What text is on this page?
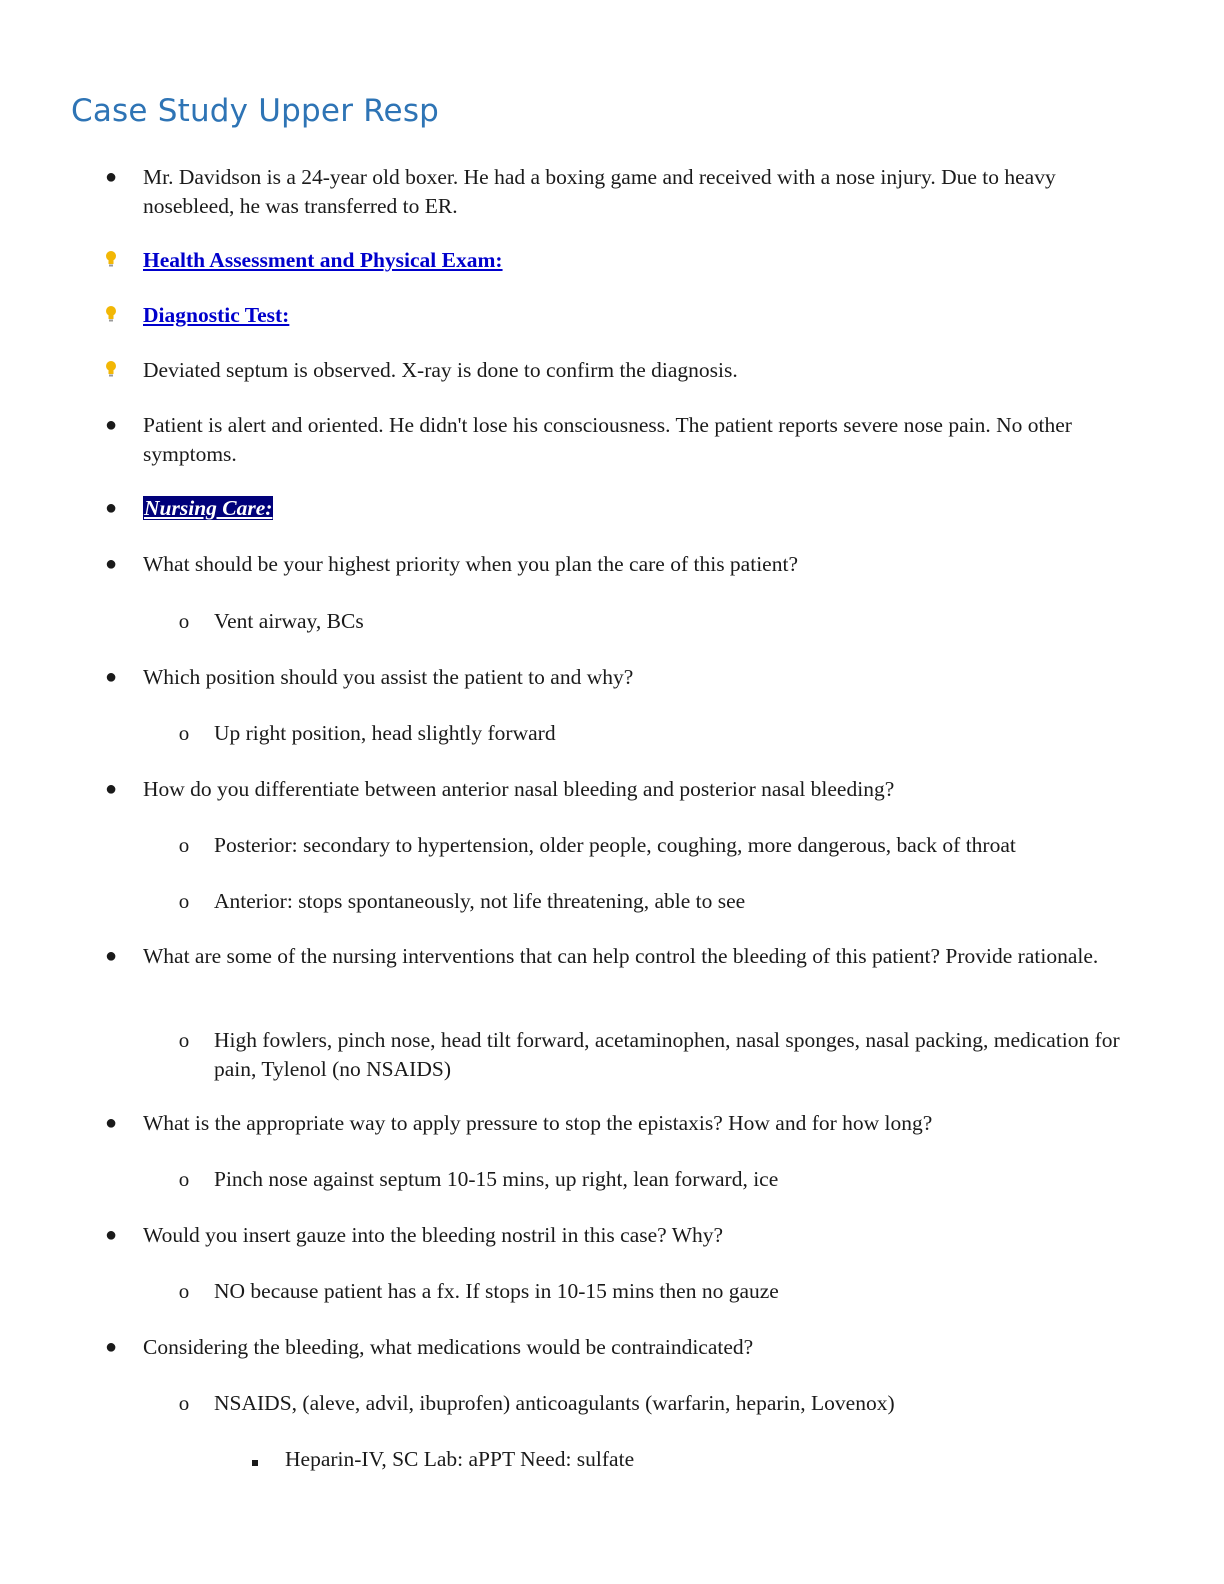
Case Study Upper Resp
● Mr. Davidson is a 24-year old boxer. He had a boxing game and received with a nose injury. Due to heavy nosebleed, he was transferred to ER.
Health Assessment and Physical Exam:
Diagnostic Test:
Deviated septum is observed. X-ray is done to confirm the diagnosis.
● Patient is alert and oriented. He didn't lose his consciousness. The patient reports severe nose pain. No other symptoms.
● Nursing Care:
● What should be your highest priority when you plan the care of this patient?
o Vent airway, BCs
● Which position should you assist the patient to and why?
o Up right position, head slightly forward
● How do you differentiate between anterior nasal bleeding and posterior nasal bleeding?
o Posterior: secondary to hypertension, older people, coughing, more dangerous, back of throat
o Anterior: stops spontaneously, not life threatening, able to see
● What are some of the nursing interventions that can help control the bleeding of this patient? Provide rationale.
o High fowlers, pinch nose, head tilt forward, acetaminophen, nasal sponges, nasal packing, medication for pain, Tylenol (no NSAIDS)
● What is the appropriate way to apply pressure to stop the epistaxis? How and for how long?
o Pinch nose against septum 10-15 mins, up right, lean forward, ice
● Would you insert gauze into the bleeding nostril in this case? Why?
o NO because patient has a fx. If stops in 10-15 mins then no gauze
● Considering the bleeding, what medications would be contraindicated?
o NSAIDS, (aleve, advil, ibuprofen) anticoagulants (warfarin, heparin, Lovenox)
Heparin-IV, SC Lab: aPPT Need: sulfate
